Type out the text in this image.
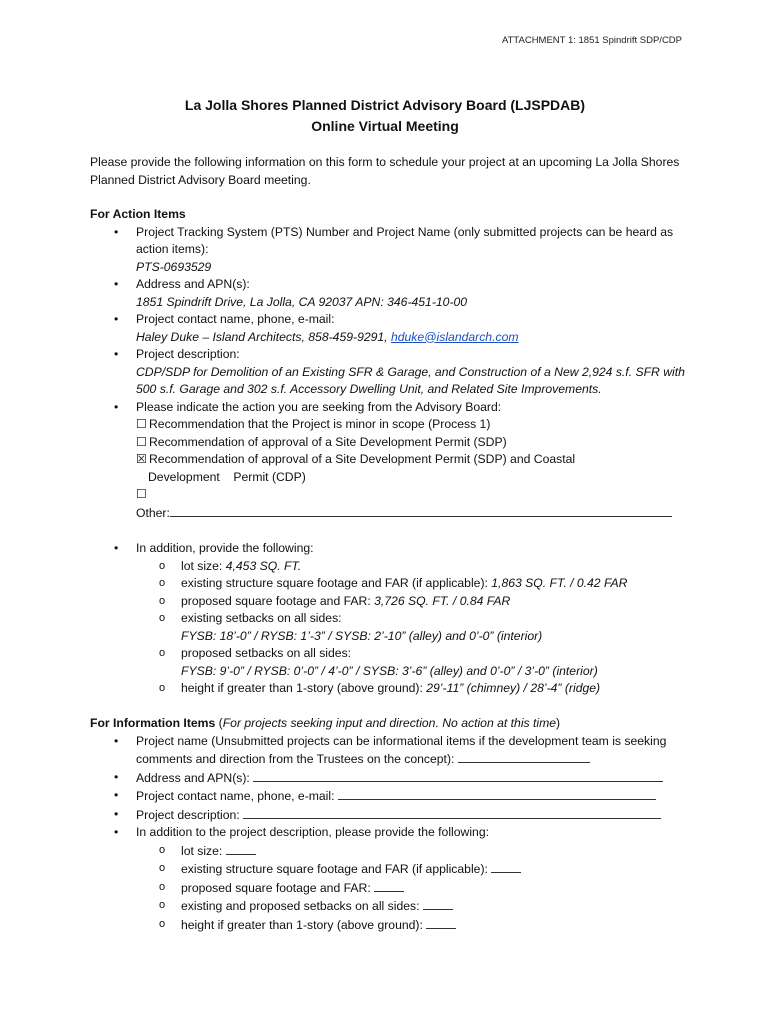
ATTACHMENT 1: 1851 Spindrift SDP/CDP
La Jolla Shores Planned District Advisory Board (LJSPDAB)
Online Virtual Meeting
Please provide the following information on this form to schedule your project at an upcoming La Jolla Shores Planned District Advisory Board meeting.
For Action Items
• Project Tracking System (PTS) Number and Project Name (only submitted projects can be heard as action items):
PTS-0693529
• Address and APN(s):
1851 Spindrift Drive, La Jolla, CA 92037 APN: 346-451-10-00
• Project contact name, phone, e-mail:
Haley Duke – Island Architects, 858-459-9291, hduke@islandarch.com
• Project description:
CDP/SDP for Demolition of an Existing SFR & Garage, and Construction of a New 2,924 s.f. SFR with 500 s.f. Garage and 302 s.f. Accessory Dwelling Unit, and Related Site Improvements.
• Please indicate the action you are seeking from the Advisory Board:
☐ Recommendation that the Project is minor in scope (Process 1)
☐ Recommendation of approval of a Site Development Permit (SDP)
☒ Recommendation of approval of a Site Development Permit (SDP) and Coastal
Development    Permit (CDP)
☐
Other:
• In addition, provide the following:
o lot size: 4,453 SQ. FT.
o existing structure square footage and FAR (if applicable): 1,863 SQ. FT. / 0.42 FAR
o proposed square footage and FAR: 3,726 SQ. FT. / 0.84 FAR
o existing setbacks on all sides:
FYSB: 18’-0” / RYSB: 1’-3” / SYSB: 2’-10” (alley) and 0’-0” (interior)
o proposed setbacks on all sides:
FYSB: 9’-0” / RYSB: 0’-0” / 4’-0” / SYSB: 3’-6” (alley) and 0’-0” / 3’-0” (interior)
o height if greater than 1-story (above ground): 29’-11” (chimney) / 28’-4” (ridge)
For Information Items (For projects seeking input and direction. No action at this time)
• Project name (Unsubmitted projects can be informational items if the development team is seeking comments and direction from the Trustees on the concept):
• Address and APN(s):
• Project contact name, phone, e-mail:
• Project description:
• In addition to the project description, please provide the following:
o lot size:
o existing structure square footage and FAR (if applicable):
o proposed square footage and FAR:
o existing and proposed setbacks on all sides:
o height if greater than 1-story (above ground):
